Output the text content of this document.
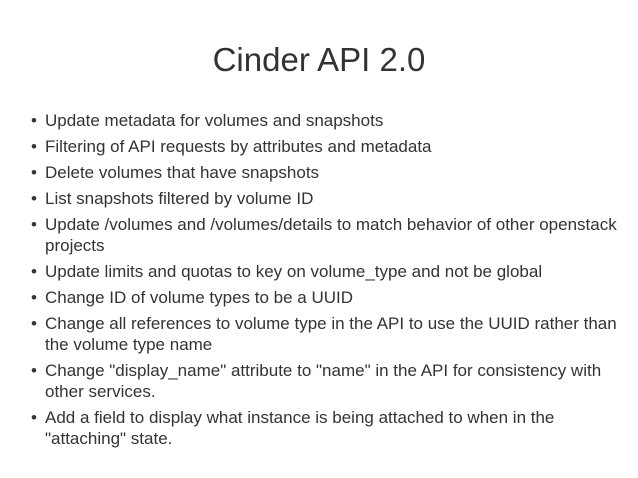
Cinder API 2.0
• Update metadata for volumes and snapshots
• Filtering of API requests by attributes and metadata
• Delete volumes that have snapshots
• List snapshots filtered by volume ID
• Update /volumes and /volumes/details to match behavior of other openstack projects
• Update limits and quotas to key on volume_type and not be global
• Change ID of volume types to be a UUID
• Change all references to volume type in the API to use the UUID rather than the volume type name
• Change "display_name" attribute to "name" in the API for consistency with other services.
• Add a field to display what instance is being attached to when in the "attaching" state.
